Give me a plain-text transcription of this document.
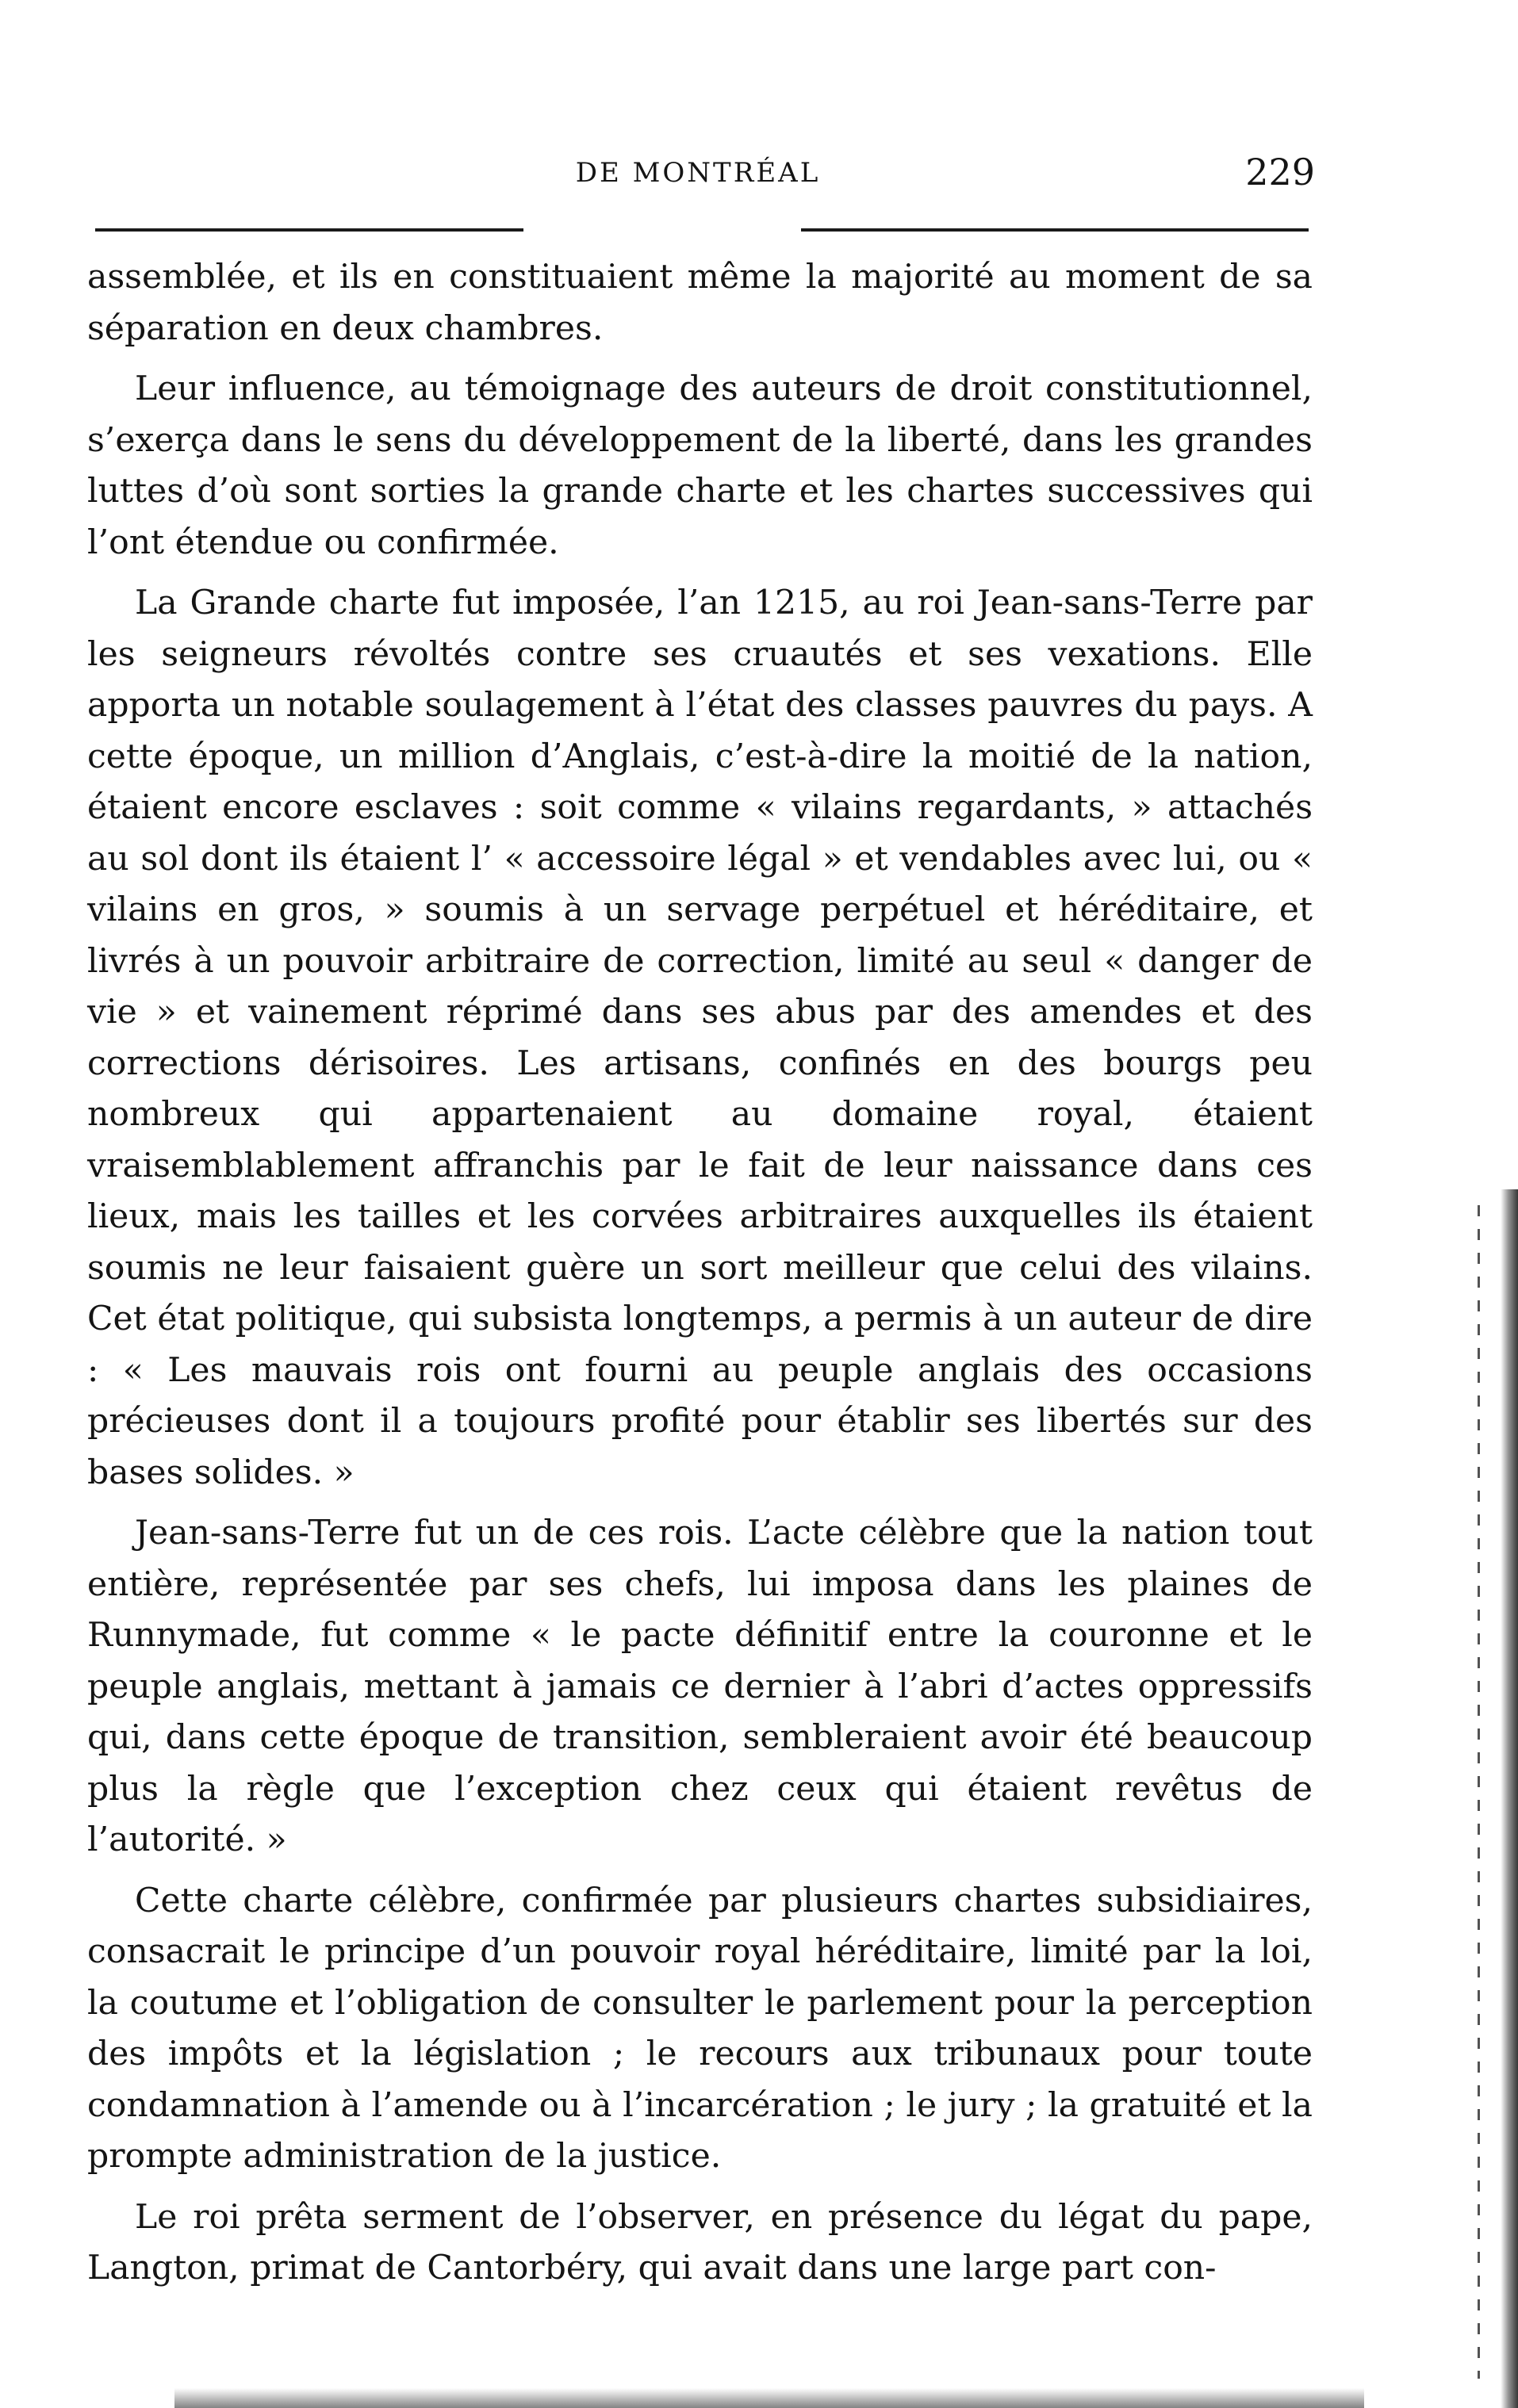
DE MONTRÉAL	229

assemblée, et ils en constituaient même la majorité au moment de sa séparation en deux chambres.

Leur influence, au témoignage des auteurs de droit constitutionnel, s’exerça dans le sens du développement de la liberté, dans les grandes luttes d’où sont sorties la grande charte et les chartes successives qui l’ont étendue ou confirmée.

La Grande charte fut imposée, l’an 1215, au roi Jean-sans-Terre par les seigneurs révoltés contre ses cruautés et ses vexations. Elle apporta un notable soulagement à l’état des classes pauvres du pays. A cette époque, un million d’Anglais, c’est-à-dire la moitié de la nation, étaient encore esclaves : soit comme « vilains regardants, » attachés au sol dont ils étaient l’ « accessoire légal » et vendables avec lui, ou « vilains en gros, » soumis à un servage perpétuel et héréditaire, et livrés à un pouvoir arbitraire de correction, limité au seul « danger de vie » et vainement réprimé dans ses abus par des amendes et des corrections dérisoires. Les artisans, confinés en des bourgs peu nombreux qui appartenaient au domaine royal, étaient vraisemblablement affranchis par le fait de leur naissance dans ces lieux, mais les tailles et les corvées arbitraires auxquelles ils étaient soumis ne leur faisaient guère un sort meilleur que celui des vilains. Cet état politique, qui subsista longtemps, a permis à un auteur de dire : « Les mauvais rois ont fourni au peuple anglais des occasions précieuses dont il a toujours profité pour établir ses libertés sur des bases solides. »

Jean-sans-Terre fut un de ces rois. L’acte célèbre que la nation tout entière, représentée par ses chefs, lui imposa dans les plaines de Runnymade, fut comme « le pacte définitif entre la couronne et le peuple anglais, mettant à jamais ce dernier à l’abri d’actes oppressifs qui, dans cette époque de transition, sembleraient avoir été beaucoup plus la règle que l’exception chez ceux qui étaient revêtus de l’autorité. »

Cette charte célèbre, confirmée par plusieurs chartes subsidiaires, consacrait le principe d’un pouvoir royal héréditaire, limité par la loi, la coutume et l’obligation de consulter le parlement pour la perception des impôts et la législation ; le recours aux tribunaux pour toute condamnation à l’amende ou à l’incarcération ; le jury ; la gratuité et la prompte administration de la justice.

Le roi prêta serment de l’observer, en présence du légat du pape, Langton, primat de Cantorbéry, qui avait dans une large part con-
